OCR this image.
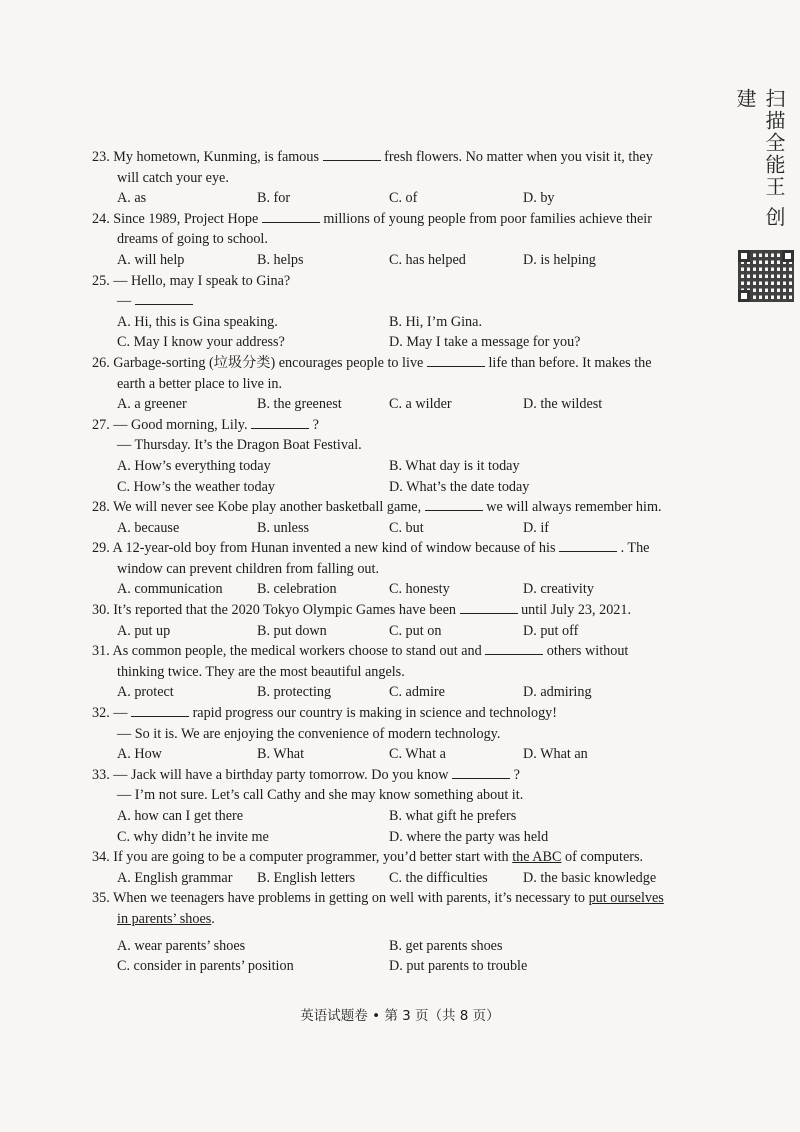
扫描全能王 创建
23. My hometown, Kunming, is famous	fresh flowers. No matter when you visit it, they
will catch your eye.
A. as	B. for	C. of	D. by
24. Since 1989, Project Hope	millions of young people from poor families achieve their
dreams of going to school.
A. will help	B. helps	C. has helped	D. is helping
25. — Hello, may I speak to Gina?
—
A. Hi, this is Gina speaking.	B. Hi, I’m Gina.
C. May I know your address?	D. May I take a message for you?
26. Garbage-sorting (垃圾分类) encourages people to live	life than before. It makes the
earth a better place to live in.
A. a greener	B. the greenest	C. a wilder	D. the wildest
27. — Good morning, Lily.	?
— Thursday. It’s the Dragon Boat Festival.
A. How’s everything today	B. What day is it today
C. How’s the weather today	D. What’s the date today
28. We will never see Kobe play another basketball game,	we will always remember him.
A. because	B. unless	C. but	D. if
29. A 12-year-old boy from Hunan invented a new kind of window because of his	. The
window can prevent children from falling out.
A. communication	B. celebration	C. honesty	D. creativity
30. It’s reported that the 2020 Tokyo Olympic Games have been	until July 23, 2021.
A. put up	B. put down	C. put on	D. put off
31. As common people, the medical workers choose to stand out and	others without
thinking twice. They are the most beautiful angels.
A. protect	B. protecting	C. admire	D. admiring
32. —	rapid progress our country is making in science and technology!
— So it is. We are enjoying the convenience of modern technology.
A. How	B. What	C. What a	D. What an
33. — Jack will have a birthday party tomorrow. Do you know	?
— I’m not sure. Let’s call Cathy and she may know something about it.
A. how can I get there	B. what gift he prefers
C. why didn’t he invite me	D. where the party was held
34. If you are going to be a computer programmer, you’d better start with the ABC of computers.
A. English grammar	B. English letters	C. the difficulties	D. the basic knowledge
35. When we teenagers have problems in getting on well with parents, it’s necessary to put ourselves
in parents’ shoes.
A. wear parents’ shoes	B. get parents shoes
C. consider in parents’ position	D. put parents to trouble
英语试题卷 • 第 3 页（共 8 页）
